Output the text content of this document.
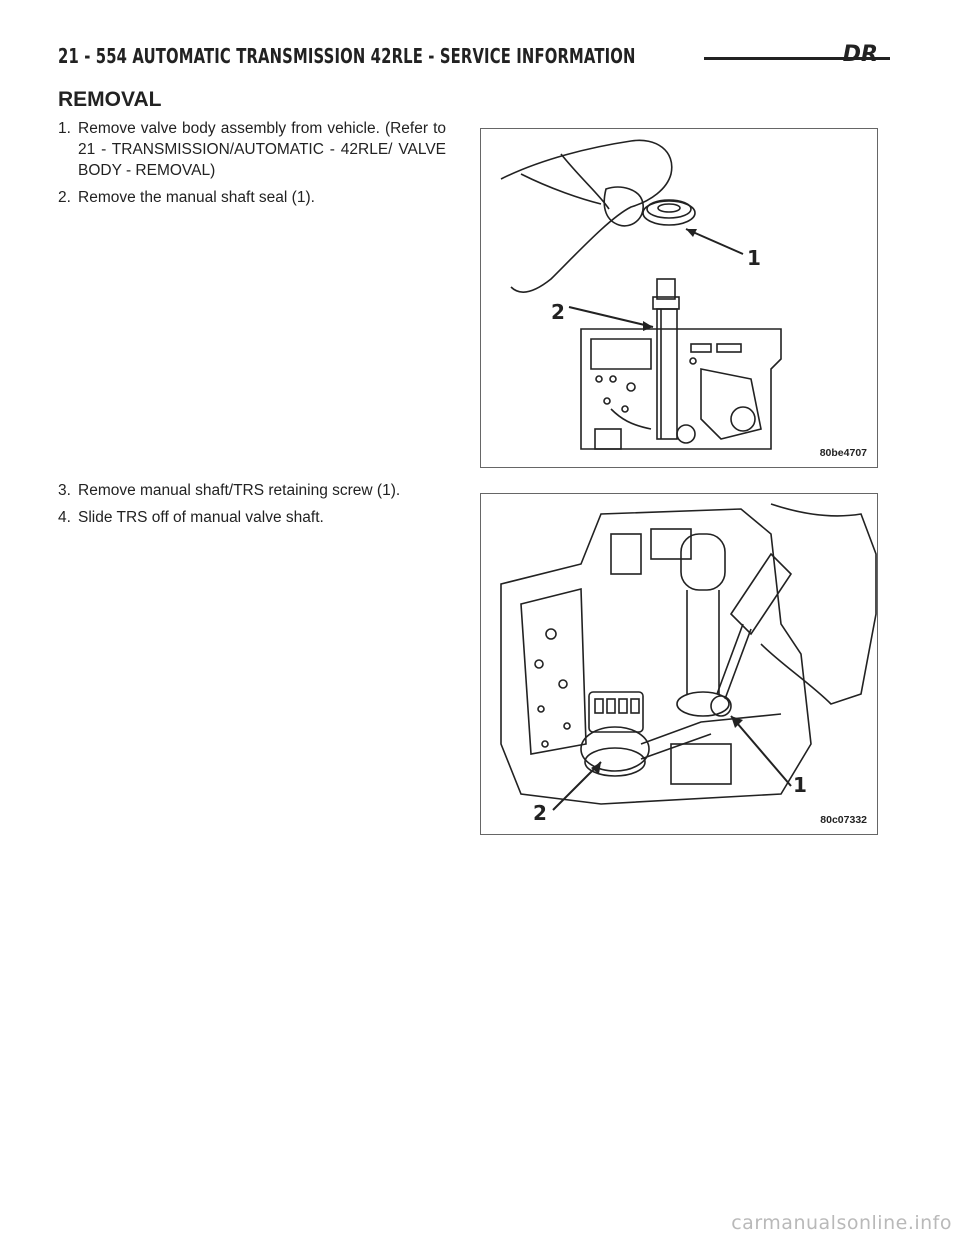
21 - 554 AUTOMATIC TRANSMISSION 42RLE - SERVICE INFORMATION	DR
REMOVAL
1. Remove valve body assembly from vehicle. (Refer to 21 - TRANSMISSION/AUTOMATIC - 42RLE/ VALVE BODY - REMOVAL)
2. Remove the manual shaft seal (1).
3. Remove manual shaft/TRS retaining screw (1).
4. Slide TRS off of manual valve shaft.
1
2
80be4707
1
2	80c07332
carmanualsonline.info
